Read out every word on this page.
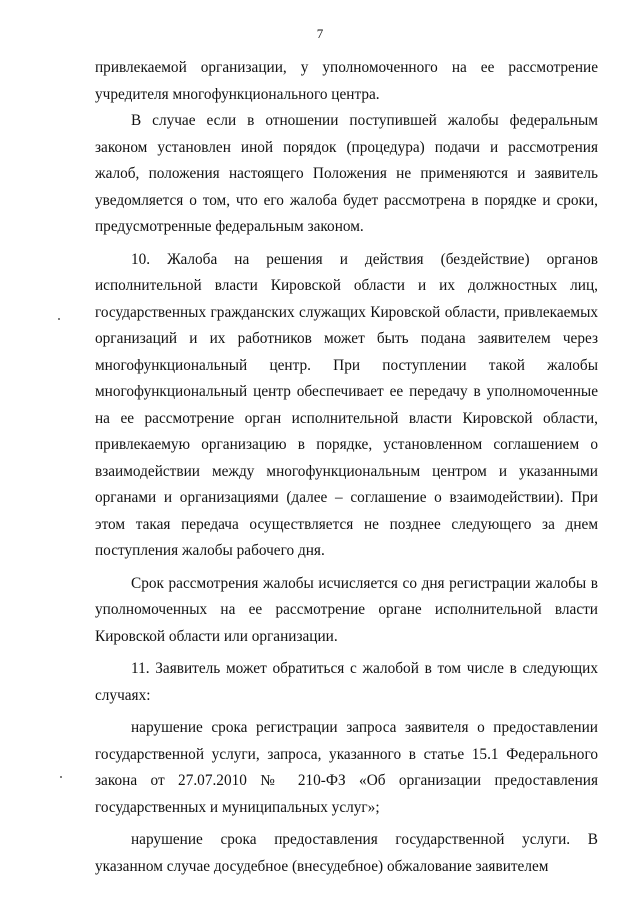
7

привлекаемой организации, у уполномоченного на ее рассмотрение учредителя многофункционального центра.

В случае если в отношении поступившей жалобы федеральным законом установлен иной порядок (процедура) подачи и рассмотрения жалоб, положения настоящего Положения не применяются и заявитель уведомляется о том, что его жалоба будет рассмотрена в порядке и сроки, предусмотренные федеральным законом.

10. Жалоба на решения и действия (бездействие) органов исполнительной власти Кировской области и их должностных лиц, государственных гражданских служащих Кировской области, привлекаемых организаций и их работников может быть подана заявителем через многофункциональный центр. При поступлении такой жалобы многофункциональный центр обеспечивает ее передачу в уполномоченные на ее рассмотрение орган исполнительной власти Кировской области, привлекаемую организацию в порядке, установленном соглашением о взаимодействии между многофункциональным центром и указанными органами и организациями (далее – соглашение о взаимодействии). При этом такая передача осуществляется не позднее следующего за днем поступления жалобы рабочего дня.

Срок рассмотрения жалобы исчисляется со дня регистрации жалобы в уполномоченных на ее рассмотрение органе исполнительной власти Кировской области или организации.

11. Заявитель может обратиться с жалобой в том числе в следующих случаях:

нарушение срока регистрации запроса заявителя о предоставлении государственной услуги, запроса, указанного в статье 15.1 Федерального закона от 27.07.2010 № 210-ФЗ «Об организации предоставления государственных и муниципальных услуг»;

нарушение срока предоставления государственной услуги. В указанном случае досудебное (внесудебное) обжалование заявителем
